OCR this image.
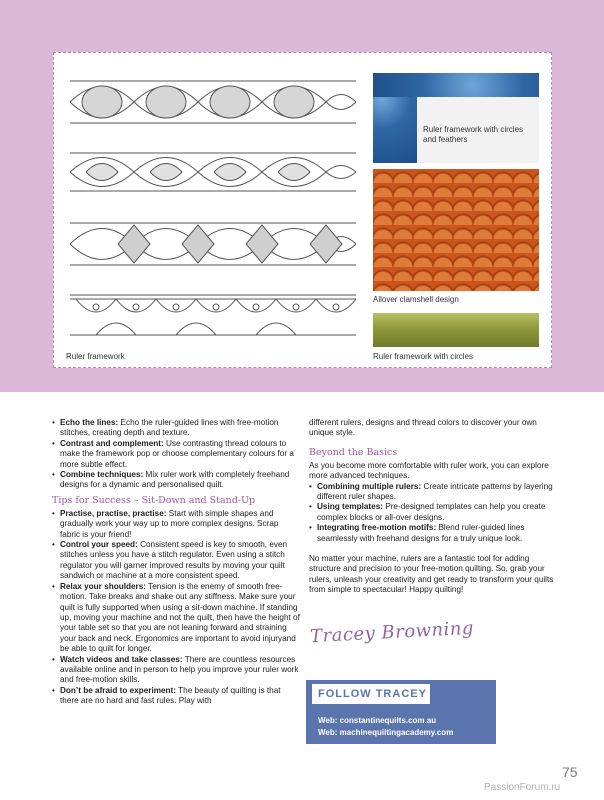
Ruler framework
Ruler framework with circles and feathers
Allover clamshell design
Ruler framework with circles

• Echo the lines: Echo the ruler-guided lines with free-motion stitches, creating depth and texture.

• Contrast and complement: Use contrasting thread colours to make the framework pop or choose complementary colours for a more subtle effect.

• Combine techniques: Mix ruler work with completely freehand designs for a dynamic and personalised quilt.

Tips for Success – Sit-Down and Stand-Up

• Practise, practise, practise: Start with simple shapes and gradually work your way up to more complex designs. Scrap fabric is your friend!

• Control your speed: Consistent speed is key to smooth, even stitches unless you have a stitch regulator. Even using a stitch regulator you will garner improved results by moving your quilt sandwich or machine at a more consistent speed.

• Relax your shoulders: Tension is the enemy of smooth free-motion. Take breaks and shake out any stiffness. Make sure your quilt is fully supported when using a sit-down machine. If standing up, moving your machine and not the quilt, then have the height of your table set so that you are not leaning forward and straining your back and neck. Ergonomics are important to avoid injuryand be able to quilt for longer.

• Watch videos and take classes: There are countless resources available online and in person to help you improve your ruler work and free-motion skills.

• Don’t be afraid to experiment: The beauty of quilting is that there are no hard and fast rules. Play with

different rulers, designs and thread colors to discover your own unique style.

Beyond the Basics

As you become more comfortable with ruler work, you can explore more advanced techniques.

• Combining multiple rulers: Create intricate patterns by layering different ruler shapes.

• Using templates: Pre-designed templates can help you create complex blocks or all-over designs.

• Integrating free-motion motifs: Blend ruler-guided lines seamlessly with freehand designs for a truly unique look.

No matter your machine, rulers are a fantastic tool for adding structure and precision to your free-motion quilting. So, grab your rulers, unleash your creativity and get ready to transform your quilts from simple to spectacular! Happy quilting!

Tracey Browning
FOLLOW TRACEY
Web: constantinequilts.com.au
Web: machinequiltingacademy.com
75
PassionForum.ru
